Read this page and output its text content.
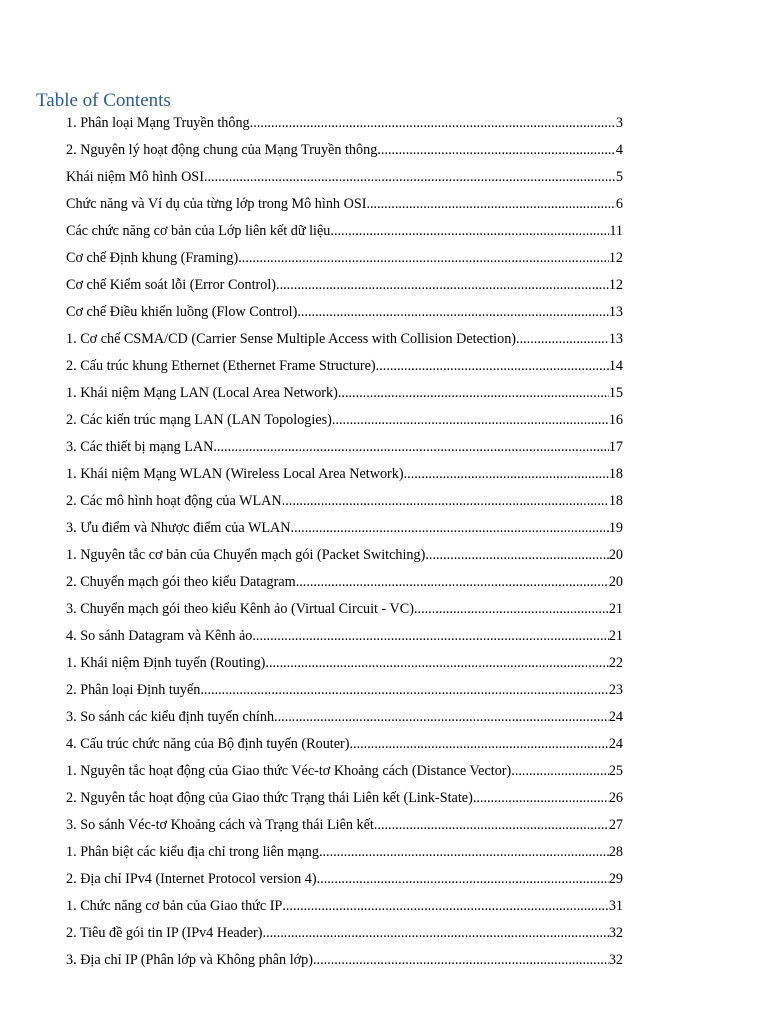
Table of Contents
1. Phân loại Mạng Truyền thông .....	3
2. Nguyên lý hoạt động chung của Mạng Truyền thông .....	4
Khái niệm Mô hình OSI .....	5
Chức năng và Ví dụ của từng lớp trong Mô hình OSI .....	6
Các chức năng cơ bản của Lớp liên kết dữ liệu .....	11
Cơ chế Định khung (Framing) .....	12
Cơ chế Kiểm soát lỗi (Error Control) .....	12
Cơ chế Điều khiển luồng (Flow Control) .....	13
1. Cơ chế CSMA/CD (Carrier Sense Multiple Access with Collision Detection) .....	13
2. Cấu trúc khung Ethernet (Ethernet Frame Structure) .....	14
1. Khái niệm Mạng LAN (Local Area Network) .....	15
2. Các kiến trúc mạng LAN (LAN Topologies) .....	16
3. Các thiết bị mạng LAN .....	17
1. Khái niệm Mạng WLAN (Wireless Local Area Network) .....	18
2. Các mô hình hoạt động của WLAN .....	18
3. Ưu điểm và Nhược điểm của WLAN .....	19
1. Nguyên tắc cơ bản của Chuyển mạch gói (Packet Switching) .....	20
2. Chuyển mạch gói theo kiểu Datagram .....	20
3. Chuyển mạch gói theo kiểu Kênh ảo (Virtual Circuit - VC) .....	21
4. So sánh Datagram và Kênh ảo .....	21
1. Khái niệm Định tuyến (Routing) .....	22
2. Phân loại Định tuyến .....	23
3. So sánh các kiểu định tuyến chính .....	24
4. Cấu trúc chức năng của Bộ định tuyến (Router) .....	24
1. Nguyên tắc hoạt động của Giao thức Véc-tơ Khoảng cách (Distance Vector) .....	25
2. Nguyên tắc hoạt động của Giao thức Trạng thái Liên kết (Link-State) .....	26
3. So sánh Véc-tơ Khoảng cách và Trạng thái Liên kết .....	27
1. Phân biệt các kiểu địa chỉ trong liên mạng .....	28
2. Địa chỉ IPv4 (Internet Protocol version 4) .....	29
1. Chức năng cơ bản của Giao thức IP .....	31
2. Tiêu đề gói tin IP (IPv4 Header) .....	32
3. Địa chỉ IP (Phân lớp và Không phân lớp) .....	32
